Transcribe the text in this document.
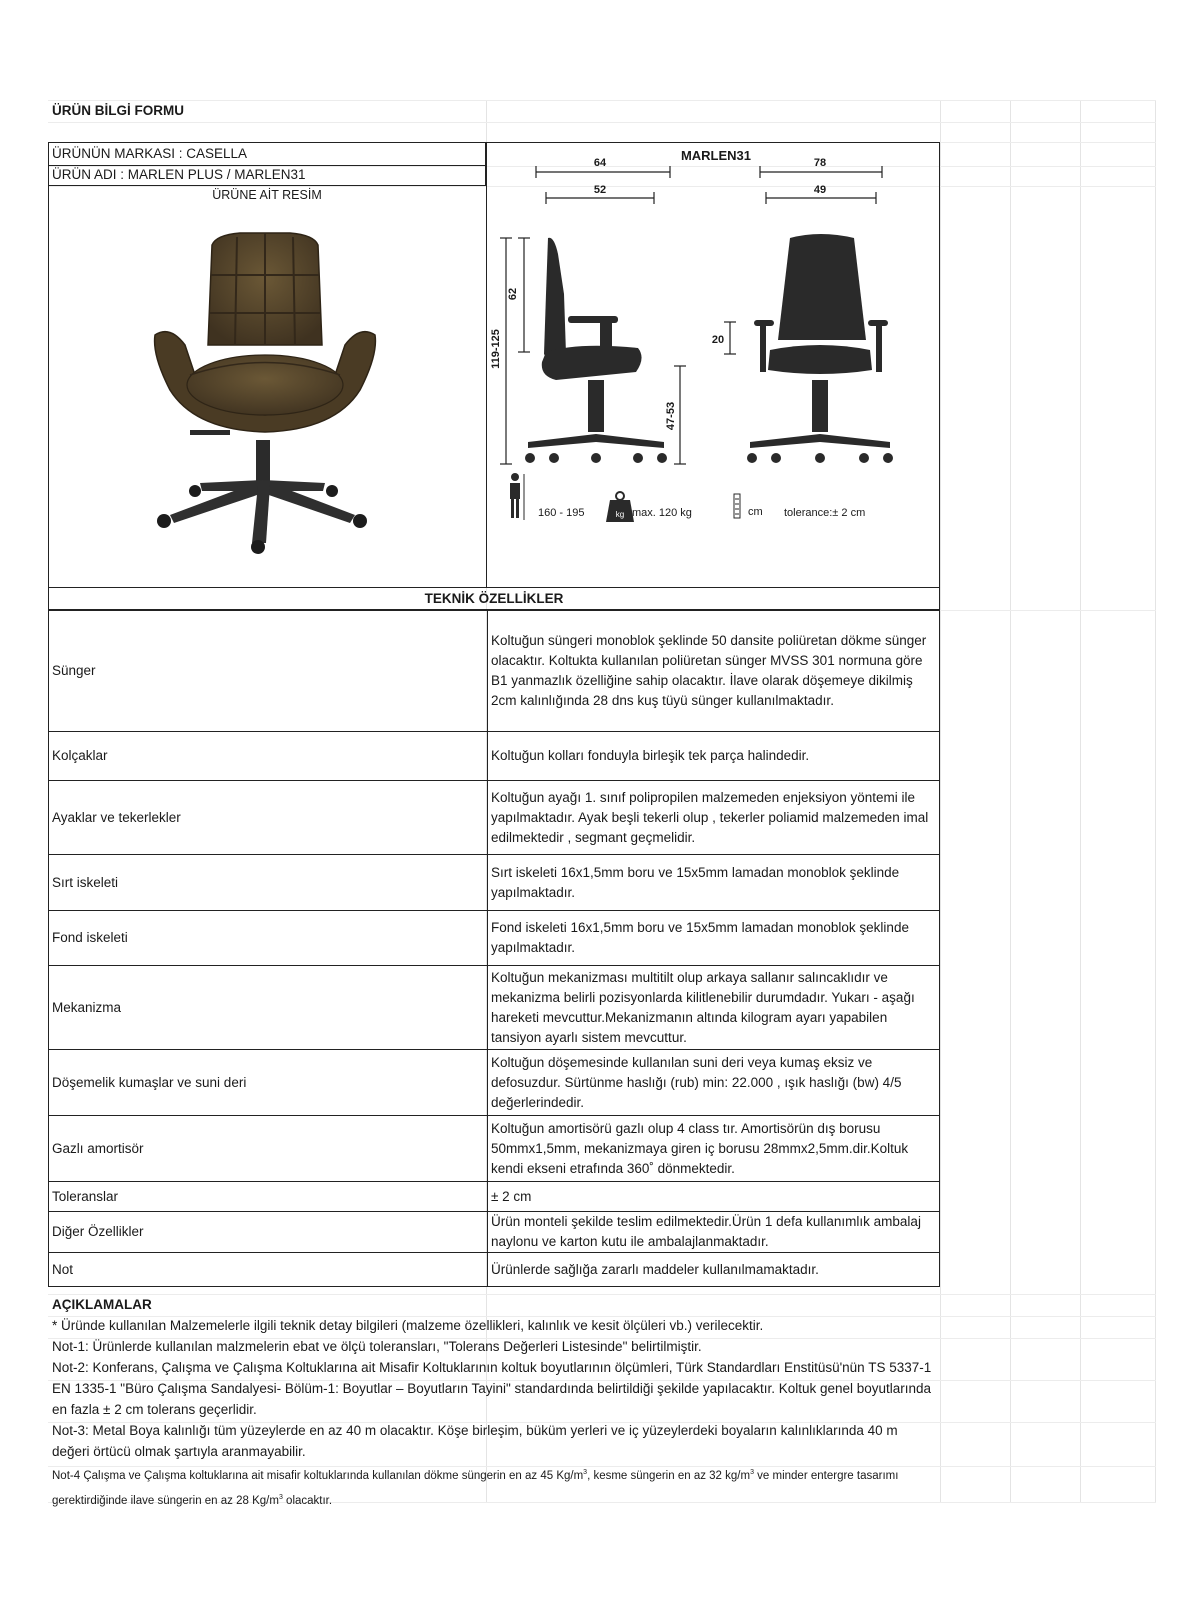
ÜRÜN BİLGİ FORMU
ÜRÜNÜN MARKASI : CASELLA
ÜRÜN ADI : MARLEN PLUS / MARLEN31
ÜRÜNE AİT RESİM
MARLEN31
64
52
78
49
119-125
62
47-53
20
160 - 195	kg max. 120 kg	cm tolerance:± 2 cm
TEKNİK ÖZELLİKLER
Sünger	Koltuğun süngeri monoblok şeklinde 50 dansite poliüretan dökme sünger olacaktır. Koltukta kullanılan poliüretan sünger MVSS 301 normuna göre B1 yanmazlık özelliğine sahip olacaktır. İlave olarak döşemeye dikilmiş 2cm kalınlığında 28 dns kuş tüyü sünger kullanılmaktadır.
Kolçaklar	Koltuğun kolları fonduyla birleşik tek parça halindedir.
Ayaklar ve tekerlekler	Koltuğun ayağı 1. sınıf polipropilen malzemeden enjeksiyon yöntemi ile yapılmaktadır. Ayak beşli tekerli olup , tekerler poliamid malzemeden imal edilmektedir , segmant geçmelidir.
Sırt iskeleti	Sırt iskeleti 16x1,5mm boru ve 15x5mm lamadan monoblok şeklinde yapılmaktadır.
Fond iskeleti	Fond iskeleti 16x1,5mm boru ve 15x5mm lamadan monoblok şeklinde yapılmaktadır.
Mekanizma	Koltuğun mekanizması multitilt olup arkaya sallanır salıncaklıdır ve mekanizma belirli pozisyonlarda kilitlenebilir durumdadır. Yukarı - aşağı hareketi mevcuttur.Mekanizmanın altında kilogram ayarı yapabilen tansiyon ayarlı sistem mevcuttur.
Döşemelik kumaşlar ve suni deri	Koltuğun döşemesinde kullanılan suni deri veya kumaş eksiz ve defosuzdur. Sürtünme haslığı (rub) min: 22.000 , ışık haslığı (bw) 4/5 değerlerindedir.
Gazlı amortisör	Koltuğun amortisörü gazlı olup 4 class tır. Amortisörün dış borusu 50mmx1,5mm, mekanizmaya giren iç borusu 28mmx2,5mm.dir.Koltuk kendi ekseni etrafında 360˚ dönmektedir.
Toleranslar	± 2 cm
Diğer Özellikler	Ürün monteli şekilde teslim edilmektedir.Ürün 1 defa kullanımlık ambalaj naylonu ve karton kutu ile ambalajlanmaktadır.
Not	Ürünlerde sağlığa zararlı maddeler kullanılmamaktadır.

AÇIKLAMALAR

* Üründe kullanılan Malzemelerle ilgili teknik detay bilgileri (malzeme özellikleri, kalınlık ve kesit ölçüleri vb.) verilecektir.

Not-1: Ürünlerde kullanılan malzmelerin ebat ve ölçü toleransları, "Tolerans Değerleri Listesinde" belirtilmiştir.

Not-2: Konferans, Çalışma ve Çalışma Koltuklarına ait Misafir Koltuklarının koltuk boyutlarının ölçümleri, Türk Standardları Enstitüsü'nün TS 5337-1 EN 1335-1 "Büro Çalışma Sandalyesi- Bölüm-1: Boyutlar – Boyutların Tayini" standardında belirtildiği şekilde yapılacaktır. Koltuk genel boyutlarında en fazla ± 2 cm tolerans geçerlidir.

Not-3: Metal Boya kalınlığı tüm yüzeylerde en az 40 m olacaktır. Köşe birleşim, büküm yerleri ve iç yüzeylerdeki boyaların kalınlıklarında 40 m değeri örtücü olmak şartıyla aranmayabilir.

Not-4 Çalışma ve Çalışma koltuklarına ait misafir koltuklarında kullanılan dökme süngerin en az 45 $Kg/m^3$, kesme süngerin en az 32 $kg/m^3$ ve minder entergre tasarımı gerektirdiğinde ilave süngerin en az 28 $Kg/m^3$ olacaktır.
